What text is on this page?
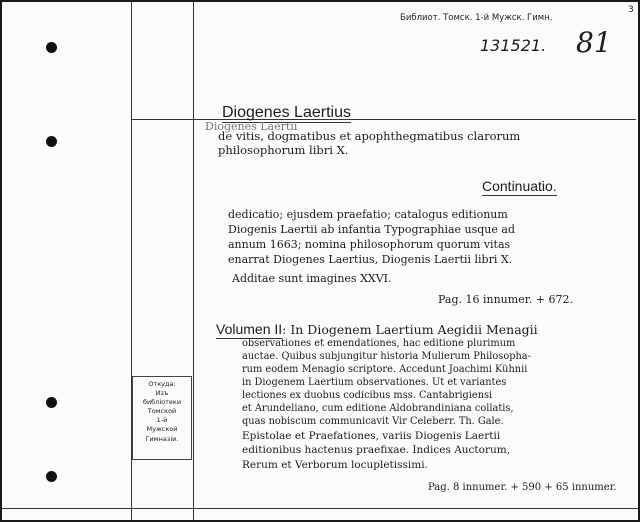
Библиот. Томск. 1-й Мужск. Гимн.
3
131521. 81
Diogenes Laertius
Diogenes Laertii
de vitis, dogmatibus et apophthegmatibus clarorum
philosophorum libri X.
Continuatio.
dedicatio; ejusdem praefatio; catalogus editionum
Diogenis Laertii ab infantia Typographiae usque ad
annum 1663; nomina philosophorum quorum vitas
enarrat Diogenes Laertius, Diogenis Laertii libri X.
Additae sunt imagines XXVI.
Pag. 16 innumer. + 672.
Volumen II: In Diogenem Laertium Aegidii Menagii
observationes et emendationes, hac editione plurimum
auctae. Quibus subjungitur historia Mulierum Philosopha-
rum eodem Menagio scriptore. Accedunt Joachimi Kühnii
in Diogenem Laertium observationes. Ut et variantes
lectiones ex duobus codicibus mss. Cantabrigiensi
et Arundeliano, cum editione Aldobrandiniana collatis,
quas nobiscum communicavit Vir Celeberr. Th. Gale.
Epistolae et Praefationes, variis Diogenis Laertii
editionibus hactenus praefixae. Indices Auctorum,
Rerum et Verborum locupletissimi.
Pag. 8 innumer. + 590 + 65 innumer.
Откуда:
Изъ
библіотеки
Томской
1-й
Мужской
Гимназіи.
